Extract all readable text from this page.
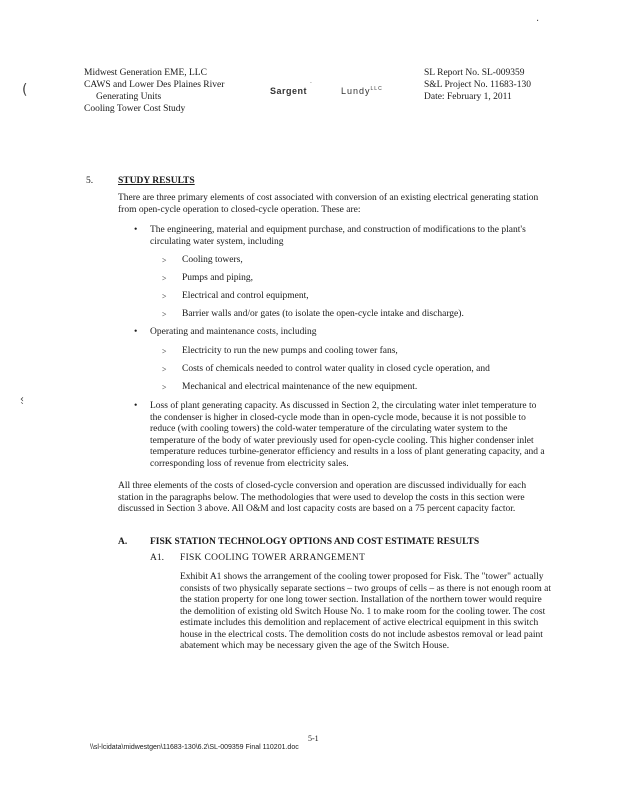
·
(
‹
ˋ
Midwest Generation EME, LLC
CAWS and Lower Des Plaines River
Generating Units
Cooling Tower Cost Study
Sargent
·
Lundy$^{LLC}$
SL Report No. SL-009359
S&L Project No. 11683-130
Date: February 1, 2011
5.	STUDY RESULTS
There are three primary elements of cost associated with conversion of an existing electrical generating station from open-cycle operation to closed-cycle operation. These are:
• The engineering, material and equipment purchase, and construction of modifications to the plant's circulating water system, including
> Cooling towers,
> Pumps and piping,
> Electrical and control equipment,
> Barrier walls and/or gates (to isolate the open-cycle intake and discharge).
• Operating and maintenance costs, including
> Electricity to run the new pumps and cooling tower fans,
> Costs of chemicals needed to control water quality in closed cycle operation, and
> Mechanical and electrical maintenance of the new equipment.
• Loss of plant generating capacity. As discussed in Section 2, the circulating water inlet temperature to the condenser is higher in closed-cycle mode than in open-cycle mode, because it is not possible to reduce (with cooling towers) the cold-water temperature of the circulating water system to the temperature of the body of water previously used for open-cycle cooling. This higher condenser inlet temperature reduces turbine-generator efficiency and results in a loss of plant generating capacity, and a corresponding loss of revenue from electricity sales.
All three elements of the costs of closed-cycle conversion and operation are discussed individually for each station in the paragraphs below. The methodologies that were used to develop the costs in this section were discussed in Section 3 above. All O&M and lost capacity costs are based on a 75 percent capacity factor.
A. FISK STATION TECHNOLOGY OPTIONS AND COST ESTIMATE RESULTS
A1. FISK COOLING TOWER ARRANGEMENT
Exhibit A1 shows the arrangement of the cooling tower proposed for Fisk. The "tower" actually consists of two physically separate sections – two groups of cells – as there is not enough room at the station property for one long tower section. Installation of the northern tower would require the demolition of existing old Switch House No. 1 to make room for the cooling tower. The cost estimate includes this demolition and replacement of active electrical equipment in this switch house in the electrical costs. The demolition costs do not include asbestos removal or lead paint abatement which may be necessary given the age of the Switch House.
5-1
\\sl-lcidata\midwestgen\11683-130\6.2\SL-009359 Final 110201.doc
